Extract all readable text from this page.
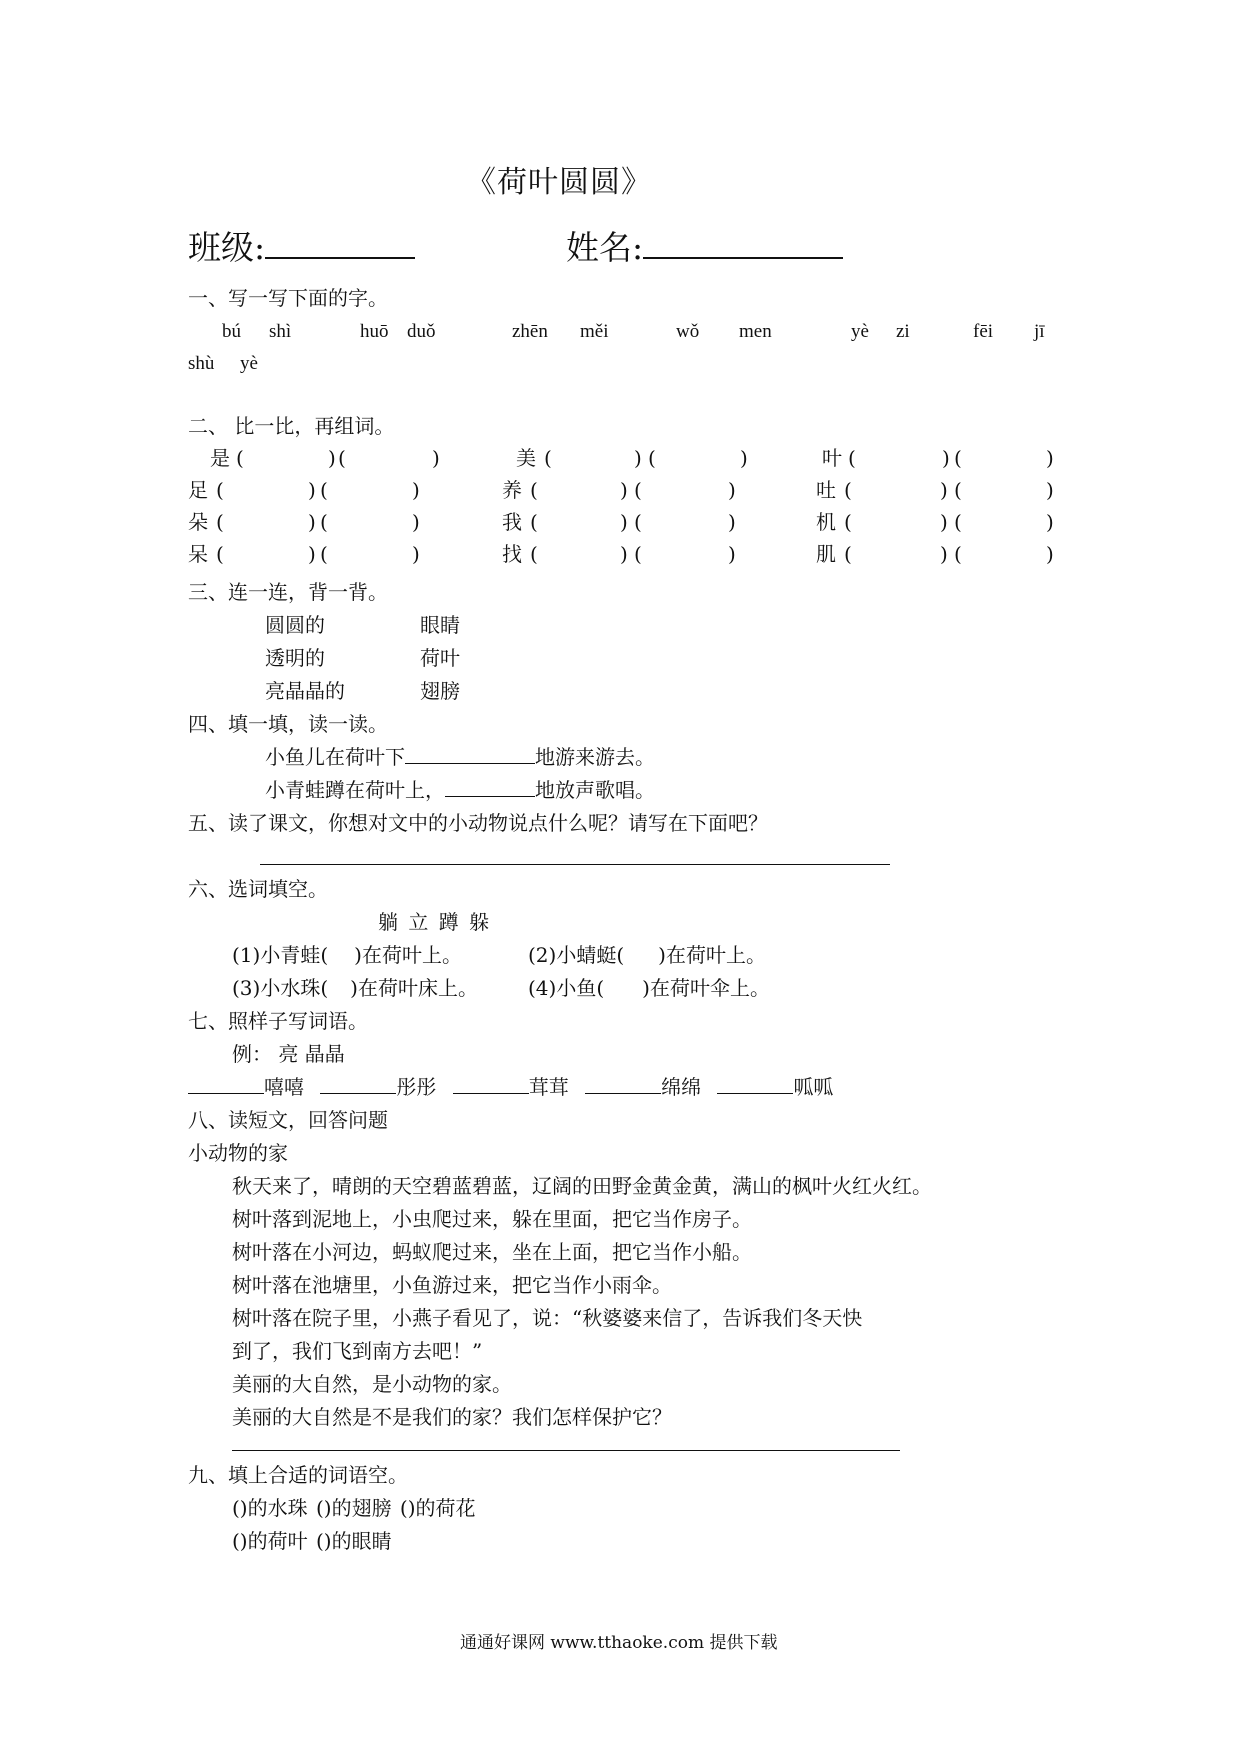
《荷叶圆圆》
班级:	姓名:
一、写一写下面的字。
bú shì	huō duǒ	zhēn měi	wǒ men	yè zi	fēi jī
shù yè
二、 比一比，再组词。
是 (	) (	)	美 (	) (	)	叶 (	) (	)
足 (	) (	)	养 (	) (	)	吐 (	) (	)
朵 (	) (	)	我 (	) (	)	机 (	) (	)
呆 (	) (	)	找 (	) (	)	肌 (	) (	)
三、连一连，背一背。
圆圆的
透明的
亮晶晶的
眼睛
荷叶
翅膀
四、填一填，读一读。
小鱼儿在荷叶下	地游来游去。
小青蛙蹲在荷叶上，	地放声歌唱。
五、读了课文，你想对文中的小动物说点什么呢？请写在下面吧？
六、选词填空。
躺 立 蹲 躲
(1)小青蛙( )在荷叶上。	(2)小蜻蜓( )在荷叶上。
(3)小水珠( )在荷叶床上。	(4)小鱼( )在荷叶伞上。
七、照样子写词语。
例： 亮 晶晶
嘻嘻	彤彤	茸茸	绵绵	呱呱
八、读短文，回答问题
小动物的家
秋天来了，晴朗的天空碧蓝碧蓝，辽阔的田野金黄金黄，满山的枫叶火红火红。
树叶落到泥地上，小虫爬过来，躲在里面，把它当作房子。
树叶落在小河边，蚂蚁爬过来，坐在上面，把它当作小船。
树叶落在池塘里，小鱼游过来，把它当作小雨伞。
树叶落在院子里，小燕子看见了，说：“秋婆婆来信了，告诉我们冬天快
到了，我们飞到南方去吧！”
美丽的大自然，是小动物的家。
美丽的大自然是不是我们的家？我们怎样保护它？
九、填上合适的词语空。
()的水珠 ()的翅膀 ()的荷花
()的荷叶 ()的眼睛
通通好课网 www.tthaoke.com 提供下载
